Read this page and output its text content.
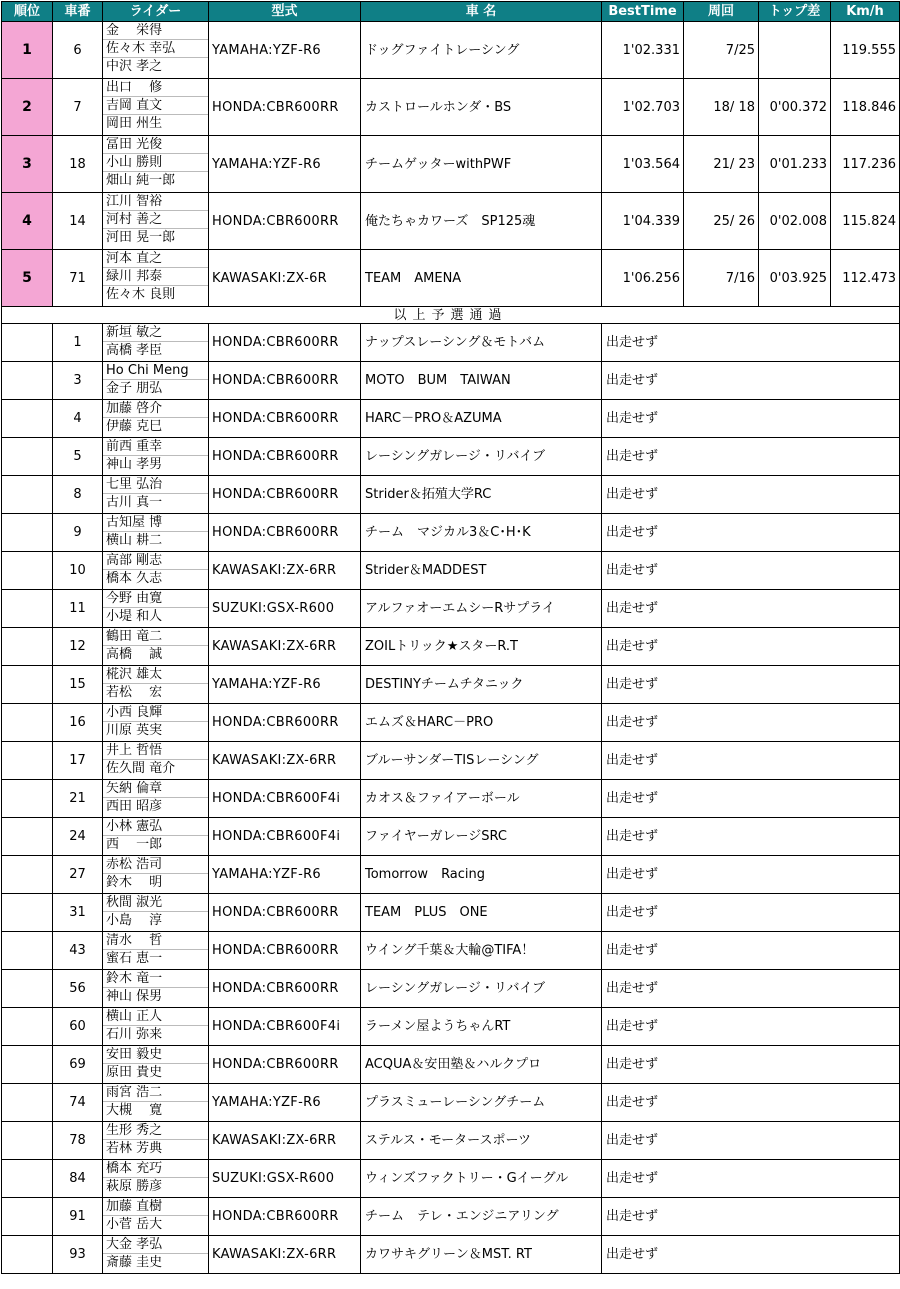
順位	車番	ライダー	型式	車 名	BestTime	周回	トップ差	Km/h
1	6	金　 栄得
佐々木 幸弘
中沢 孝之	YAMAHA:YZF-R6	ドッグファイトレーシング	1'02.331	7/25		119.555
2	7	出口　 修
吉岡 直文
岡田 州生	HONDA:CBR600RR	カストロールホンダ・BS	1'02.703	18/ 18	0'00.372	118.846
3	18	冨田 光俊
小山 勝則
畑山 純一郎	YAMAHA:YZF-R6	チームゲッターwithPWF	1'03.564	21/ 23	0'01.233	117.236
4	14	江川 智裕
河村 善之
河田 晃一郎	HONDA:CBR600RR	俺たちゃカワーズ　SP125魂	1'04.339	25/ 26	0'02.008	115.824
5	71	河本 直之
緑川 邦泰
佐々木 良則	KAWASAKI:ZX-6R	TEAM　AMENA	1'06.256	7/16	0'03.925	112.473
以上予選通過								
	1	新垣 敏之
高橋 孝臣	HONDA:CBR600RR	ナップスレーシング＆モトバム	出走せず			
	3	Ho Chi Meng
金子 朋弘	HONDA:CBR600RR	MOTO　BUM　TAIWAN	出走せず			
	4	加藤 啓介
伊藤 克巳	HONDA:CBR600RR	HARC－PRO＆AZUMA	出走せず			
	5	前西 重幸
神山 孝男	HONDA:CBR600RR	レーシングガレージ・リバイブ	出走せず			
	8	七里 弘治
古川 真一	HONDA:CBR600RR	Strider＆拓殖大学RC	出走せず			
	9	古知屋 博
横山 耕二	HONDA:CBR600RR	チーム　マジカル3＆C･H･K	出走せず			
	10	高部 剛志
橋本 久志	KAWASAKI:ZX-6RR	Strider＆MADDEST	出走せず			
	11	今野 由寛
小堤 和人	SUZUKI:GSX-R600	アルファオーエムシーRサプライ	出走せず			
	12	鶴田 竜二
高橋　 誠	KAWASAKI:ZX-6RR	ZOILトリック★スターR.T	出走せず			
	15	椛沢 雄太
若松　 宏	YAMAHA:YZF-R6	DESTINYチームチタニック	出走せず			
	16	小西 良輝
川原 英実	HONDA:CBR600RR	エムズ＆HARC－PRO	出走せず			
	17	井上 哲悟
佐久間 竜介	KAWASAKI:ZX-6RR	ブルーサンダーTISレーシング	出走せず			
	21	矢納 倫章
西田 昭彦	HONDA:CBR600F4i	カオス＆ファイアーボール	出走せず			
	24	小林 憲弘
西　 一郎	HONDA:CBR600F4i	ファイヤーガレージSRC	出走せず			
	27	赤松 浩司
鈴木　 明	YAMAHA:YZF-R6	Tomorrow　Racing	出走せず			
	31	秋間 淑光
小島　 淳	HONDA:CBR600RR	TEAM　PLUS　ONE	出走せず			
	43	清水　 哲
蜜石 恵一	HONDA:CBR600RR	ウイング千葉＆大輪@TIFA！	出走せず			
	56	鈴木 竜一
神山 保男	HONDA:CBR600RR	レーシングガレージ・リバイブ	出走せず			
	60	横山 正人
石川 弥来	HONDA:CBR600F4i	ラーメン屋ようちゃんRT	出走せず			
	69	安田 毅史
原田 貴史	HONDA:CBR600RR	ACQUA＆安田塾＆ハルクプロ	出走せず			
	74	雨宮 浩二
大槻　 寛	YAMAHA:YZF-R6	プラスミューレーシングチーム	出走せず			
	78	生形 秀之
若林 芳典	KAWASAKI:ZX-6RR	ステルス・モータースポーツ	出走せず			
	84	橋本 充巧
萩原 勝彦	SUZUKI:GSX-R600	ウィンズファクトリー・Gイーグル	出走せず			
	91	加藤 直樹
小菅 岳大	HONDA:CBR600RR	チーム　テレ・エンジニアリング	出走せず			
	93	大金 孝弘
斎藤 圭史	KAWASAKI:ZX-6RR	カワサキグリーン＆MST. RT	出走せず			
